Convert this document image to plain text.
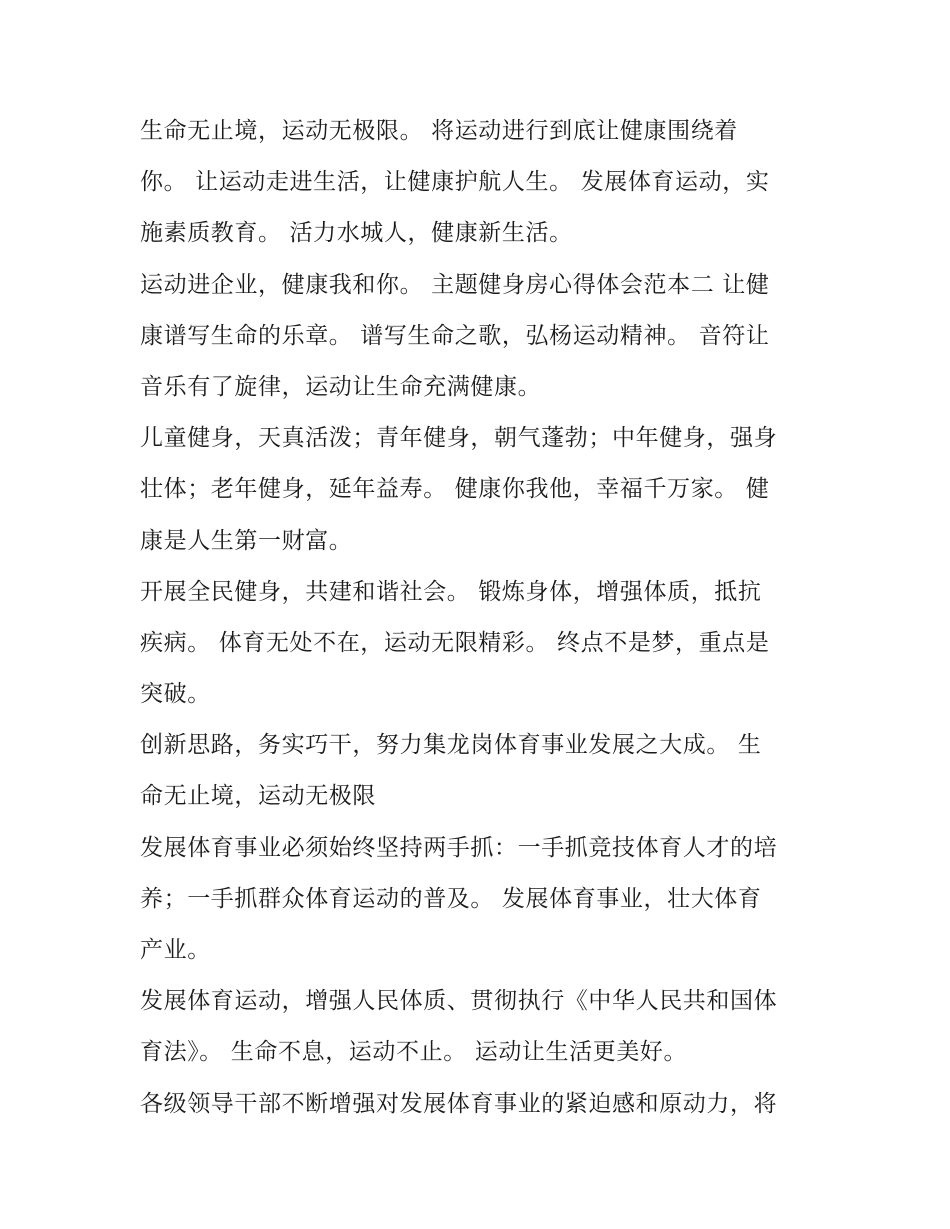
生命无止境，运动无极限。 将运动进行到底让健康围绕着
你。 让运动走进生活，让健康护航人生。 发展体育运动，实
施素质教育。 活力水城人，健康新生活。
运动进企业，健康我和你。 主题健身房心得体会范本二 让健
康谱写生命的乐章。 谱写生命之歌，弘杨运动精神。 音符让
音乐有了旋律，运动让生命充满健康。
儿童健身，天真活泼；青年健身，朝气蓬勃；中年健身，强身
壮体；老年健身，延年益寿。 健康你我他，幸福千万家。 健
康是人生第一财富。
开展全民健身，共建和谐社会。 锻炼身体，增强体质，抵抗
疾病。 体育无处不在，运动无限精彩。 终点不是梦，重点是
突破。
创新思路，务实巧干，努力集龙岗体育事业发展之大成。 生
命无止境，运动无极限
发展体育事业必须始终坚持两手抓：一手抓竞技体育人才的培
养；一手抓群众体育运动的普及。 发展体育事业，壮大体育
产业。
发展体育运动，增强人民体质、贯彻执行《中华人民共和国体
育法》。 生命不息，运动不止。 运动让生活更美好。
各级领导干部不断增强对发展体育事业的紧迫感和原动力，将
